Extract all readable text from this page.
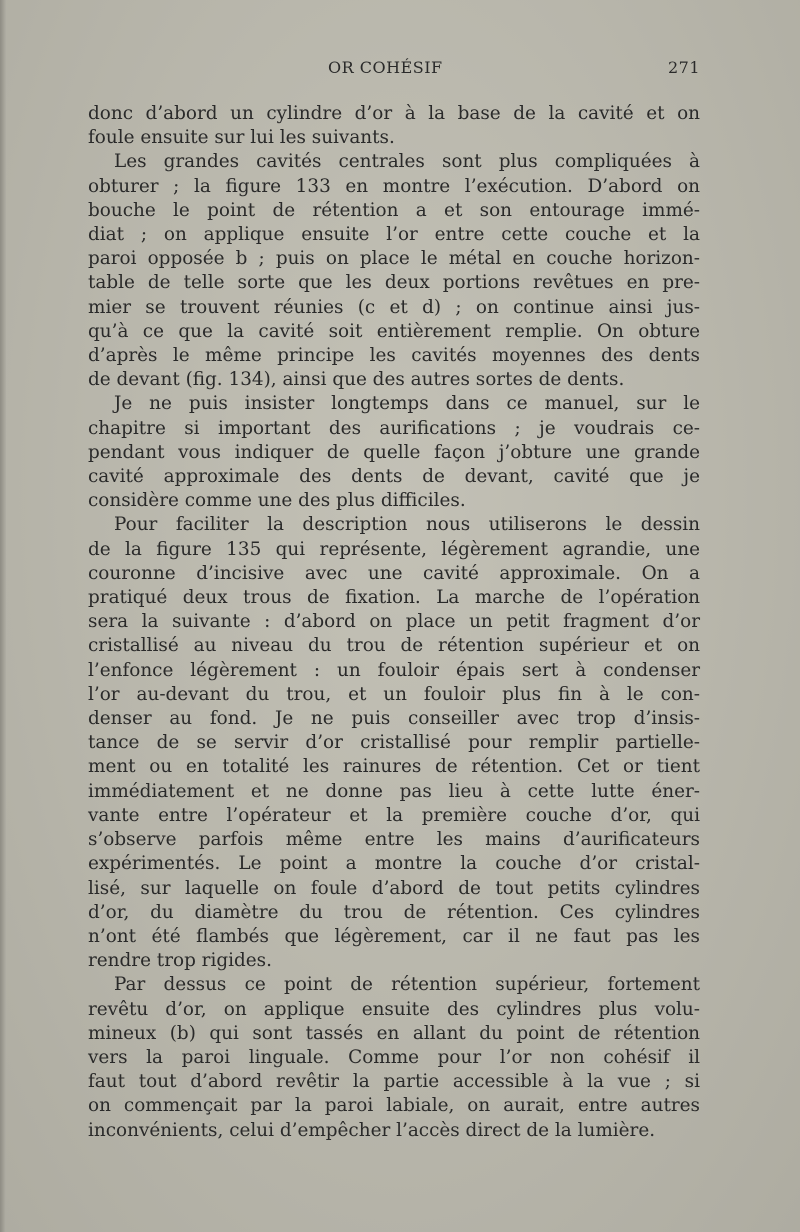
OR COHÉSIF	271
donc d’abord un cylindre d’or à la base de la cavité et on
foule ensuite sur lui les suivants.
Les grandes cavités centrales sont plus compliquées à
obturer ; la figure 133 en montre l’exécution. D’abord on
bouche le point de rétention a et son entourage immé-
diat ; on applique ensuite l’or entre cette couche et la
paroi opposée b ; puis on place le métal en couche horizon-
table de telle sorte que les deux portions revêtues en pre-
mier se trouvent réunies (c et d) ; on continue ainsi jus-
qu’à ce que la cavité soit entièrement remplie. On obture
d’après le même principe les cavités moyennes des dents
de devant (fig. 134), ainsi que des autres sortes de dents.
Je ne puis insister longtemps dans ce manuel, sur le
chapitre si important des aurifications ; je voudrais ce-
pendant vous indiquer de quelle façon j’obture une grande
cavité approximale des dents de devant, cavité que je
considère comme une des plus difficiles.
Pour faciliter la description nous utiliserons le dessin
de la figure 135 qui représente, légèrement agrandie, une
couronne d’incisive avec une cavité approximale. On a
pratiqué deux trous de fixation. La marche de l’opération
sera la suivante : d’abord on place un petit fragment d’or
cristallisé au niveau du trou de rétention supérieur et on
l’enfonce légèrement : un fouloir épais sert à condenser
l’or au-devant du trou, et un fouloir plus fin à le con-
denser au fond. Je ne puis conseiller avec trop d’insis-
tance de se servir d’or cristallisé pour remplir partielle-
ment ou en totalité les rainures de rétention. Cet or tient
immédiatement et ne donne pas lieu à cette lutte éner-
vante entre l’opérateur et la première couche d’or, qui
s’observe parfois même entre les mains d’aurificateurs
expérimentés. Le point a montre la couche d’or cristal-
lisé, sur laquelle on foule d’abord de tout petits cylindres
d’or, du diamètre du trou de rétention. Ces cylindres
n’ont été flambés que légèrement, car il ne faut pas les
rendre trop rigides.
Par dessus ce point de rétention supérieur, fortement
revêtu d’or, on applique ensuite des cylindres plus volu-
mineux (b) qui sont tassés en allant du point de rétention
vers la paroi linguale. Comme pour l’or non cohésif il
faut tout d’abord revêtir la partie accessible à la vue ; si
on commençait par la paroi labiale, on aurait, entre autres
inconvénients, celui d’empêcher l’accès direct de la lumière.
